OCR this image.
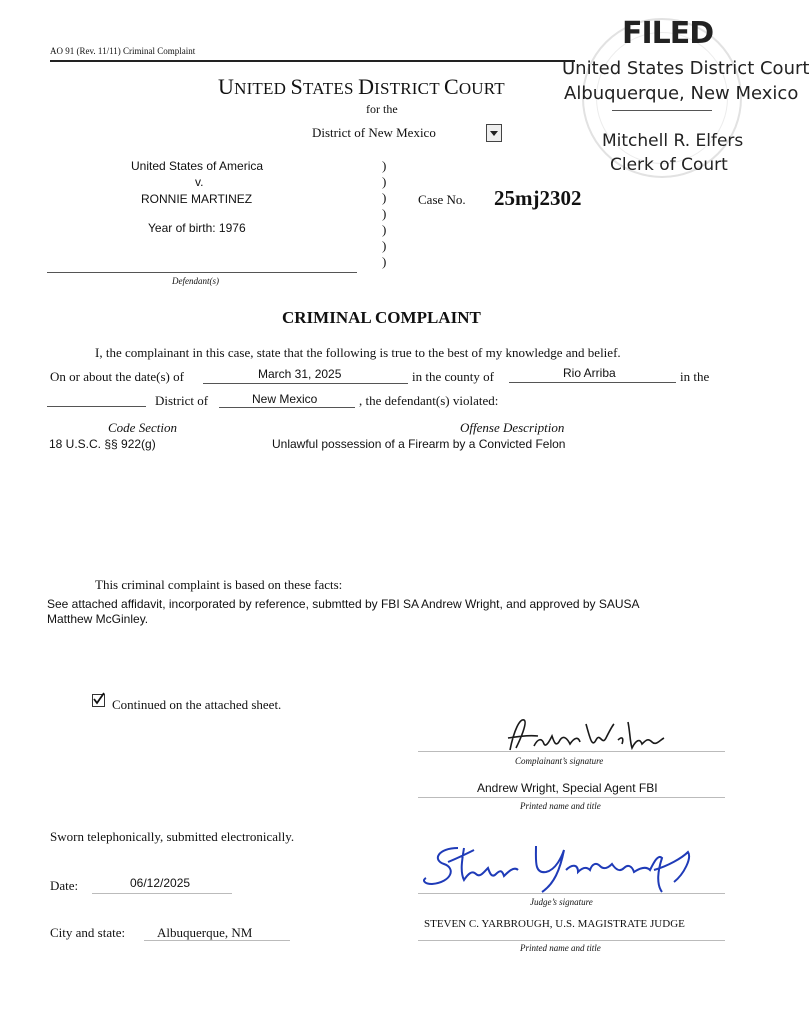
AO 91 (Rev. 11/11) Criminal Complaint	FILED
United States District Court
Albuquerque, New Mexico
Mitchell R. Elfers
Clerk of Court
UNITED STATES DISTRICT COURT
for the
District of New Mexico
United States of America
v.
RONNIE MARTINEZ
Year of birth: 1976
Defendant(s)
)
)
)
)
)
)
)
Case No. 25mj2302
CRIMINAL COMPLAINT
I, the complainant in this case, state that the following is true to the best of my knowledge and belief.
On or about the date(s) of	March 31, 2025	in the county of	Rio Arriba	in the
District of	New Mexico	, the defendant(s) violated:
Code Section	Offense Description
18 U.S.C. §§ 922(g)	Unlawful possession of a Firearm by a Convicted Felon
This criminal complaint is based on these facts:
See attached affidavit, incorporated by reference, submtted by FBI SA Andrew Wright, and approved by SAUSA
Matthew McGinley.
Continued on the attached sheet.
Complainant’s signature
Andrew Wright, Special Agent FBI
Printed name and title
Sworn telephonically, submitted electronically.
Judge’s signature
Date:	06/12/2025
City and state: Albuquerque, NM
STEVEN C. YARBROUGH, U.S. MAGISTRATE JUDGE
Printed name and title
